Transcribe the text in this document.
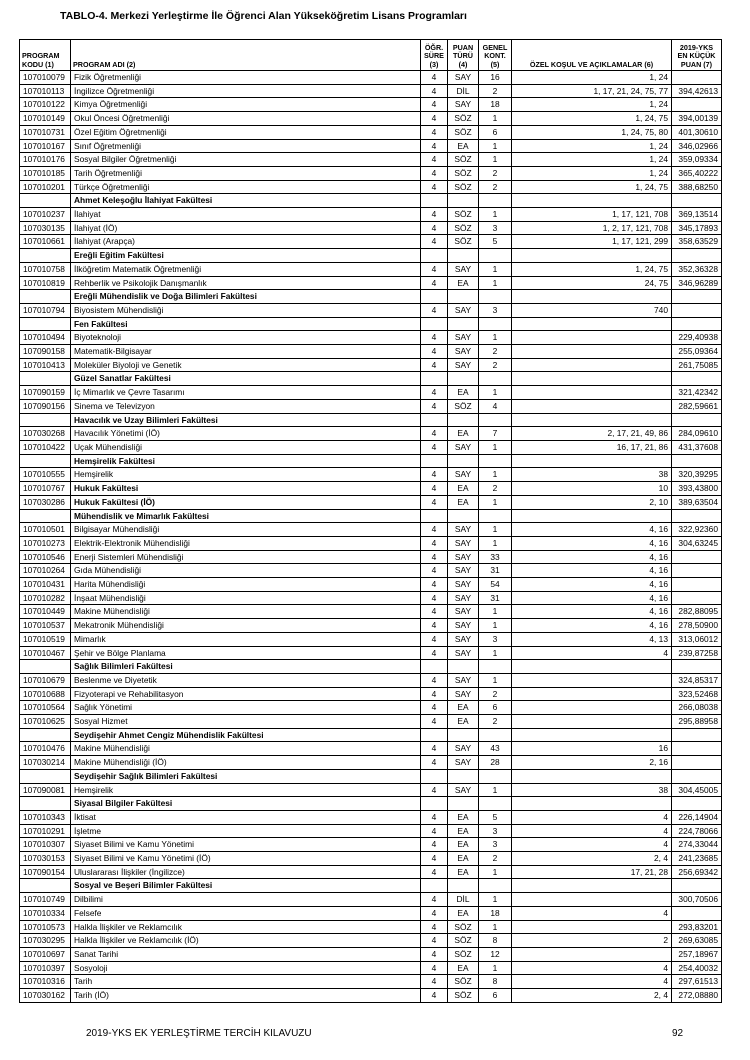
TABLO-4. Merkezi Yerleştirme İle Öğrenci Alan Yükseköğretim Lisans Programları
PROGRAM KODU (1)	PROGRAM ADI (2)	ÖĞR. SÜRE (3)	PUAN TÜRÜ (4)	GENEL KONT. (5)	ÖZEL KOŞUL VE AÇIKLAMALAR (6)	2019-YKS EN KÜÇÜK PUAN (7)
107010079	Fizik Öğretmenliği	4	SAY	16	1, 24	
107010113	İngilizce Öğretmenliği	4	DİL	2	1, 17, 21, 24, 75, 77	394,42613
107010122	Kimya Öğretmenliği	4	SAY	18	1, 24	
107010149	Okul Öncesi Öğretmenliği	4	SÖZ	1	1, 24, 75	394,00139
107010731	Özel Eğitim Öğretmenliği	4	SÖZ	6	1, 24, 75, 80	401,30610
107010167	Sınıf Öğretmenliği	4	EA	1	1, 24	346,02966
107010176	Sosyal Bilgiler Öğretmenliği	4	SÖZ	1	1, 24	359,09334
107010185	Tarih Öğretmenliği	4	SÖZ	2	1, 24	365,40222
107010201	Türkçe Öğretmenliği	4	SÖZ	2	1, 24, 75	388,68250
	Ahmet Keleşoğlu İlahiyat Fakültesi					
107010237	İlahiyat	4	SÖZ	1	1, 17, 121, 708	369,13514
107030135	İlahiyat (İÖ)	4	SÖZ	3	1, 2, 17, 121, 708	345,17893
107010661	İlahiyat (Arapça)	4	SÖZ	5	1, 17, 121, 299	358,63529
	Ereğli Eğitim Fakültesi					
107010758	İlköğretim Matematik Öğretmenliği	4	SAY	1	1, 24, 75	352,36328
107010819	Rehberlik ve Psikolojik Danışmanlık	4	EA	1	24, 75	346,96289
	Ereğli Mühendislik ve Doğa Bilimleri Fakültesi					
107010794	Biyosistem Mühendisliği	4	SAY	3	740	
	Fen Fakültesi					
107010494	Biyoteknoloji	4	SAY	1		229,40938
107090158	Matematik-Bilgisayar	4	SAY	2		255,09364
107010413	Moleküler Biyoloji ve Genetik	4	SAY	2		261,75085
	Güzel Sanatlar Fakültesi					
107090159	İç Mimarlık ve Çevre Tasarımı	4	EA	1		321,42342
107090156	Sinema ve Televizyon	4	SÖZ	4		282,59661
	Havacılık ve Uzay Bilimleri Fakültesi					
107030268	Havacılık Yönetimi (İÖ)	4	EA	7	2, 17, 21, 49, 86	284,09610
107010422	Uçak Mühendisliği	4	SAY	1	16, 17, 21, 86	431,37608
	Hemşirelik Fakültesi					
107010555	Hemşirelik	4	SAY	1	38	320,39295
107010767	Hukuk Fakültesi	4	EA	2	10	393,43800
107030286	Hukuk Fakültesi (İÖ)	4	EA	1	2, 10	389,63504
	Mühendislik ve Mimarlık Fakültesi					
107010501	Bilgisayar Mühendisliği	4	SAY	1	4, 16	322,92360
107010273	Elektrik-Elektronik Mühendisliği	4	SAY	1	4, 16	304,63245
107010546	Enerji Sistemleri Mühendisliği	4	SAY	33	4, 16	
107010264	Gıda Mühendisliği	4	SAY	31	4, 16	
107010431	Harita Mühendisliği	4	SAY	54	4, 16	
107010282	İnşaat Mühendisliği	4	SAY	31	4, 16	
107010449	Makine Mühendisliği	4	SAY	1	4, 16	282,88095
107010537	Mekatronik Mühendisliği	4	SAY	1	4, 16	278,50900
107010519	Mimarlık	4	SAY	3	4, 13	313,06012
107010467	Şehir ve Bölge Planlama	4	SAY	1	4	239,87258
	Sağlık Bilimleri Fakültesi					
107010679	Beslenme ve Diyetetik	4	SAY	1		324,85317
107010688	Fizyoterapi ve Rehabilitasyon	4	SAY	2		323,52468
107010564	Sağlık Yönetimi	4	EA	6		266,08038
107010625	Sosyal Hizmet	4	EA	2		295,88958
	Seydişehir Ahmet Cengiz Mühendislik Fakültesi					
107010476	Makine Mühendisliği	4	SAY	43	16	
107030214	Makine Mühendisliği (İÖ)	4	SAY	28	2, 16	
	Seydişehir Sağlık Bilimleri Fakültesi					
107090081	Hemşirelik	4	SAY	1	38	304,45005
	Siyasal Bilgiler Fakültesi					
107010343	İktisat	4	EA	5	4	226,14904
107010291	İşletme	4	EA	3	4	224,78066
107010307	Siyaset Bilimi ve Kamu Yönetimi	4	EA	3	4	274,33044
107030153	Siyaset Bilimi ve Kamu Yönetimi (İÖ)	4	EA	2	2, 4	241,23685
107090154	Uluslararası İlişkiler (İngilizce)	4	EA	1	17, 21, 28	256,69342
	Sosyal ve Beşeri Bilimler Fakültesi					
107010749	Dilbilimi	4	DİL	1		300,70506
107010334	Felsefe	4	EA	18	4	
107010573	Halkla İlişkiler ve Reklamcılık	4	SÖZ	1		293,83201
107030295	Halkla İlişkiler ve Reklamcılık (İÖ)	4	SÖZ	8	2	269,63085
107010697	Sanat Tarihi	4	SÖZ	12		257,18967
107010397	Sosyoloji	4	EA	1	4	254,40032
107010316	Tarih	4	SÖZ	8	4	297,61513
107030162	Tarih (İÖ)	4	SÖZ	6	2, 4	272,08880
2019-YKS EK YERLEŞTİRME TERCİH KILAVUZU	92
